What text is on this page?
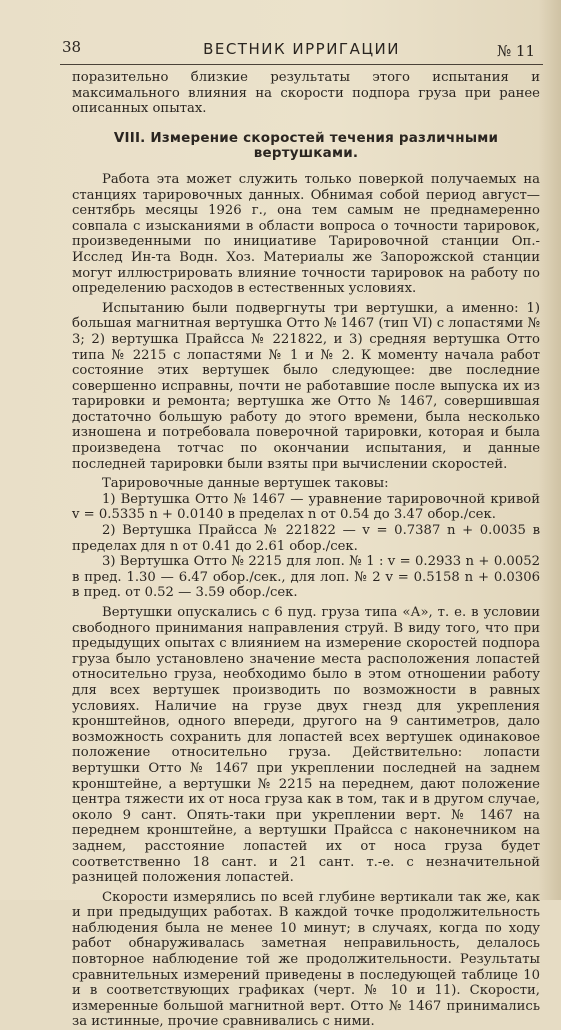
38	ВЕСТНИК ИРРИГАЦИИ	№ 11

поразительно близкие результаты этого испытания и максимального влияния на скорости подпора груза при ранее описанных опытах.

VIII. Измерение скоростей течения различными вертушками.

Работа эта может служить только поверкой получаемых на станциях тарировочных данных. Обнимая собой период август—сентябрь месяцы 1926 г., она тем самым не преднамеренно совпала с изысканиями в области вопроса о точности тарировок, произведенными по инициативе Тарировочной станции Оп.-Исслед Ин-та Водн. Хоз. Материалы же Запорожской станции могут иллюстрировать влияние точности тарировок на работу по определению расходов в естественных условиях.

Испытанию были подвергнуты три вертушки, а именно: 1) большая магнитная вертушка Отто № 1467 (тип VI) с лопастями № 3; 2) вертушка Прайсса № 221822, и 3) средняя вертушка Отто типа № 2215 с лопастями № 1 и № 2. К моменту начала работ состояние этих вертушек было следующее: две последние совершенно исправны, почти не работавшие после выпуска их из тарировки и ремонта; вертушка же Отто № 1467, совершившая достаточно большую работу до этого времени, была несколько изношена и потребовала поверочной тарировки, которая и была произведена тотчас по окончании испытания, и данные последней тарировки были взяты при вычислении скоростей.

Тарировочные данные вертушек таковы:

1) Вертушка Отто № 1467 — уравнение тарировочной кривой v = 0.5335 n + 0.0140 в пределах n от 0.54 до 3.47 обор./сек.

2) Вертушка Прайсса № 221822 — v = 0.7387 n + 0.0035 в пределах для n от 0.41 до 2.61 обор./сек.

3) Вертушка Отто № 2215 для лоп. № 1 : v = 0.2933 n + 0.0052 в пред. 1.30 — 6.47 обор./сек., для лоп. № 2 v = 0.5158 n + 0.0306 в пред. от 0.52 — 3.59 обор./сек.

Вертушки опускались с 6 пуд. груза типа «А», т. е. в условии свободного принимания направления струй. В виду того, что при предыдущих опытах с влиянием на измерение скоростей подпора груза было установлено значение места расположения лопастей относительно груза, необходимо было в этом отношении работу для всех вертушек производить по возможности в равных условиях. Наличие на грузе двух гнезд для укрепления кронштейнов, одного впереди, другого на 9 сантиметров, дало возможность сохранить для лопастей всех вертушек одинаковое положение относительно груза. Действительно: лопасти вертушки Отто № 1467 при укреплении последней на заднем кронштейне, а вертушки № 2215 на переднем, дают положение центра тяжести их от носа груза как в том, так и в другом случае, около 9 сант. Опять-таки при укреплении верт. № 1467 на переднем кронштейне, а вертушки Прайсса с наконечником на заднем, расстояние лопастей их от носа груза будет соответственно 18 сант. и 21 сант. т.-е. с незначительной разницей положения лопастей.

Скорости измерялись по всей глубине вертикали так же, как и при предыдущих работах. В каждой точке продолжительность наблюдения была не менее 10 минут; в случаях, когда по ходу работ обнаруживалась заметная неправильность, делалось повторное наблюдение той же продолжительности. Результаты сравнительных измерений приведены в последующей таблице 10 и в соответствующих графиках (черт. № 10 и 11). Скорости, измеренные большой магнитной верт. Отто № 1467 принимались за истинные, прочие сравнивались с ними.
